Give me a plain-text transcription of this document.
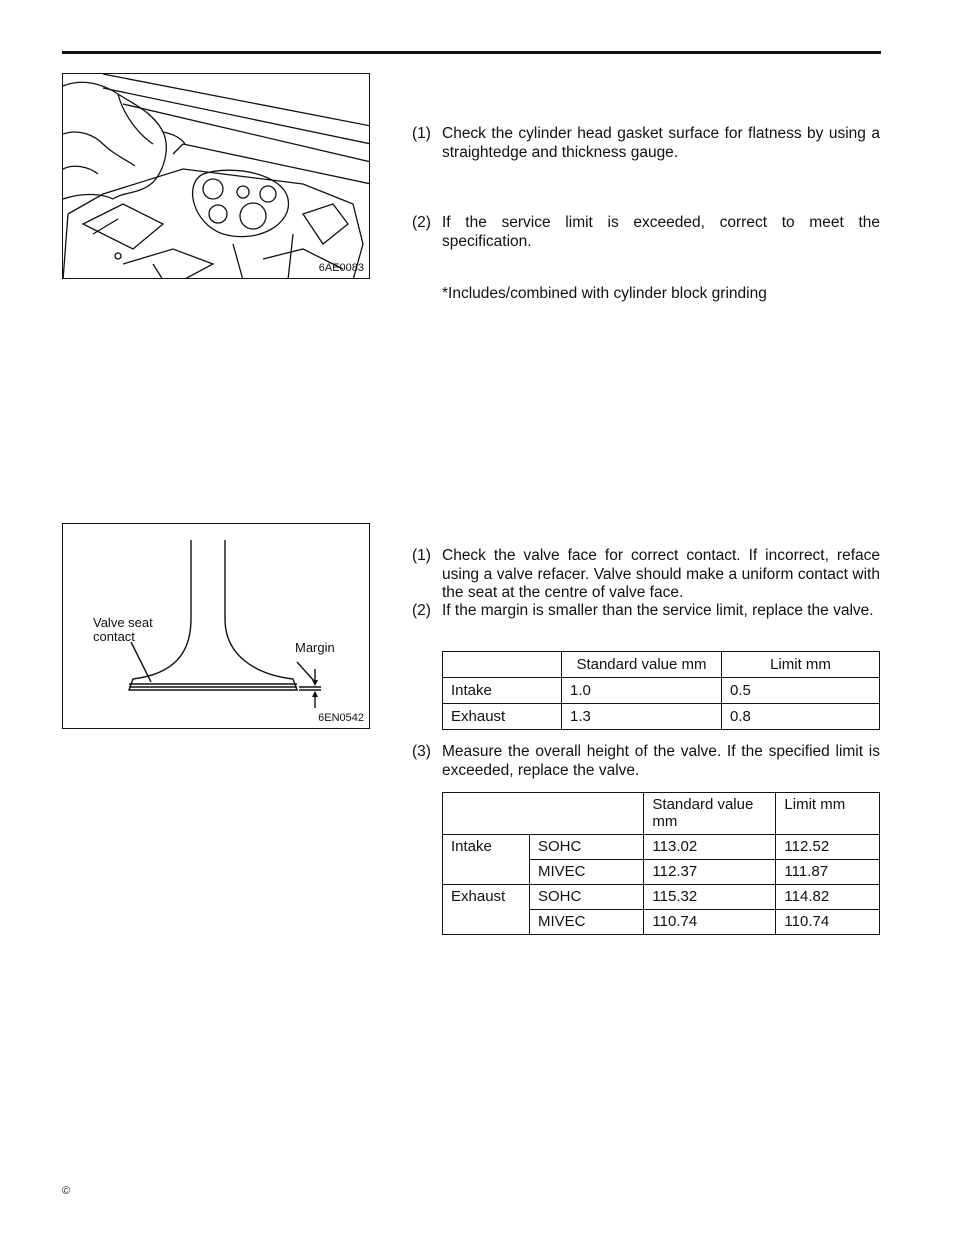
6AE0083
(1) Check the cylinder head gasket surface for flatness by using a straightedge and thickness gauge.
(2) If the service limit is exceeded, correct to meet the specification.
*Includes/combined with cylinder block grinding
Valve seat contact
Margin
6EN0542
(1) Check the valve face for correct contact. If incorrect, reface using a valve refacer. Valve should make a uniform contact with the seat at the centre of valve face.
(2) If the margin is smaller than the service limit, replace the valve.
	Standard value mm	Limit mm
Intake	1.0	0.5
Exhaust	1.3	0.8
(3) Measure the overall height of the valve. If the specified limit is exceeded, replace the valve.
		Standard value mm	Limit mm
Intake	SOHC	113.02	112.52
	MIVEC	112.37	111.87
Exhaust	SOHC	115.32	114.82
	MIVEC	110.74	110.74
©
